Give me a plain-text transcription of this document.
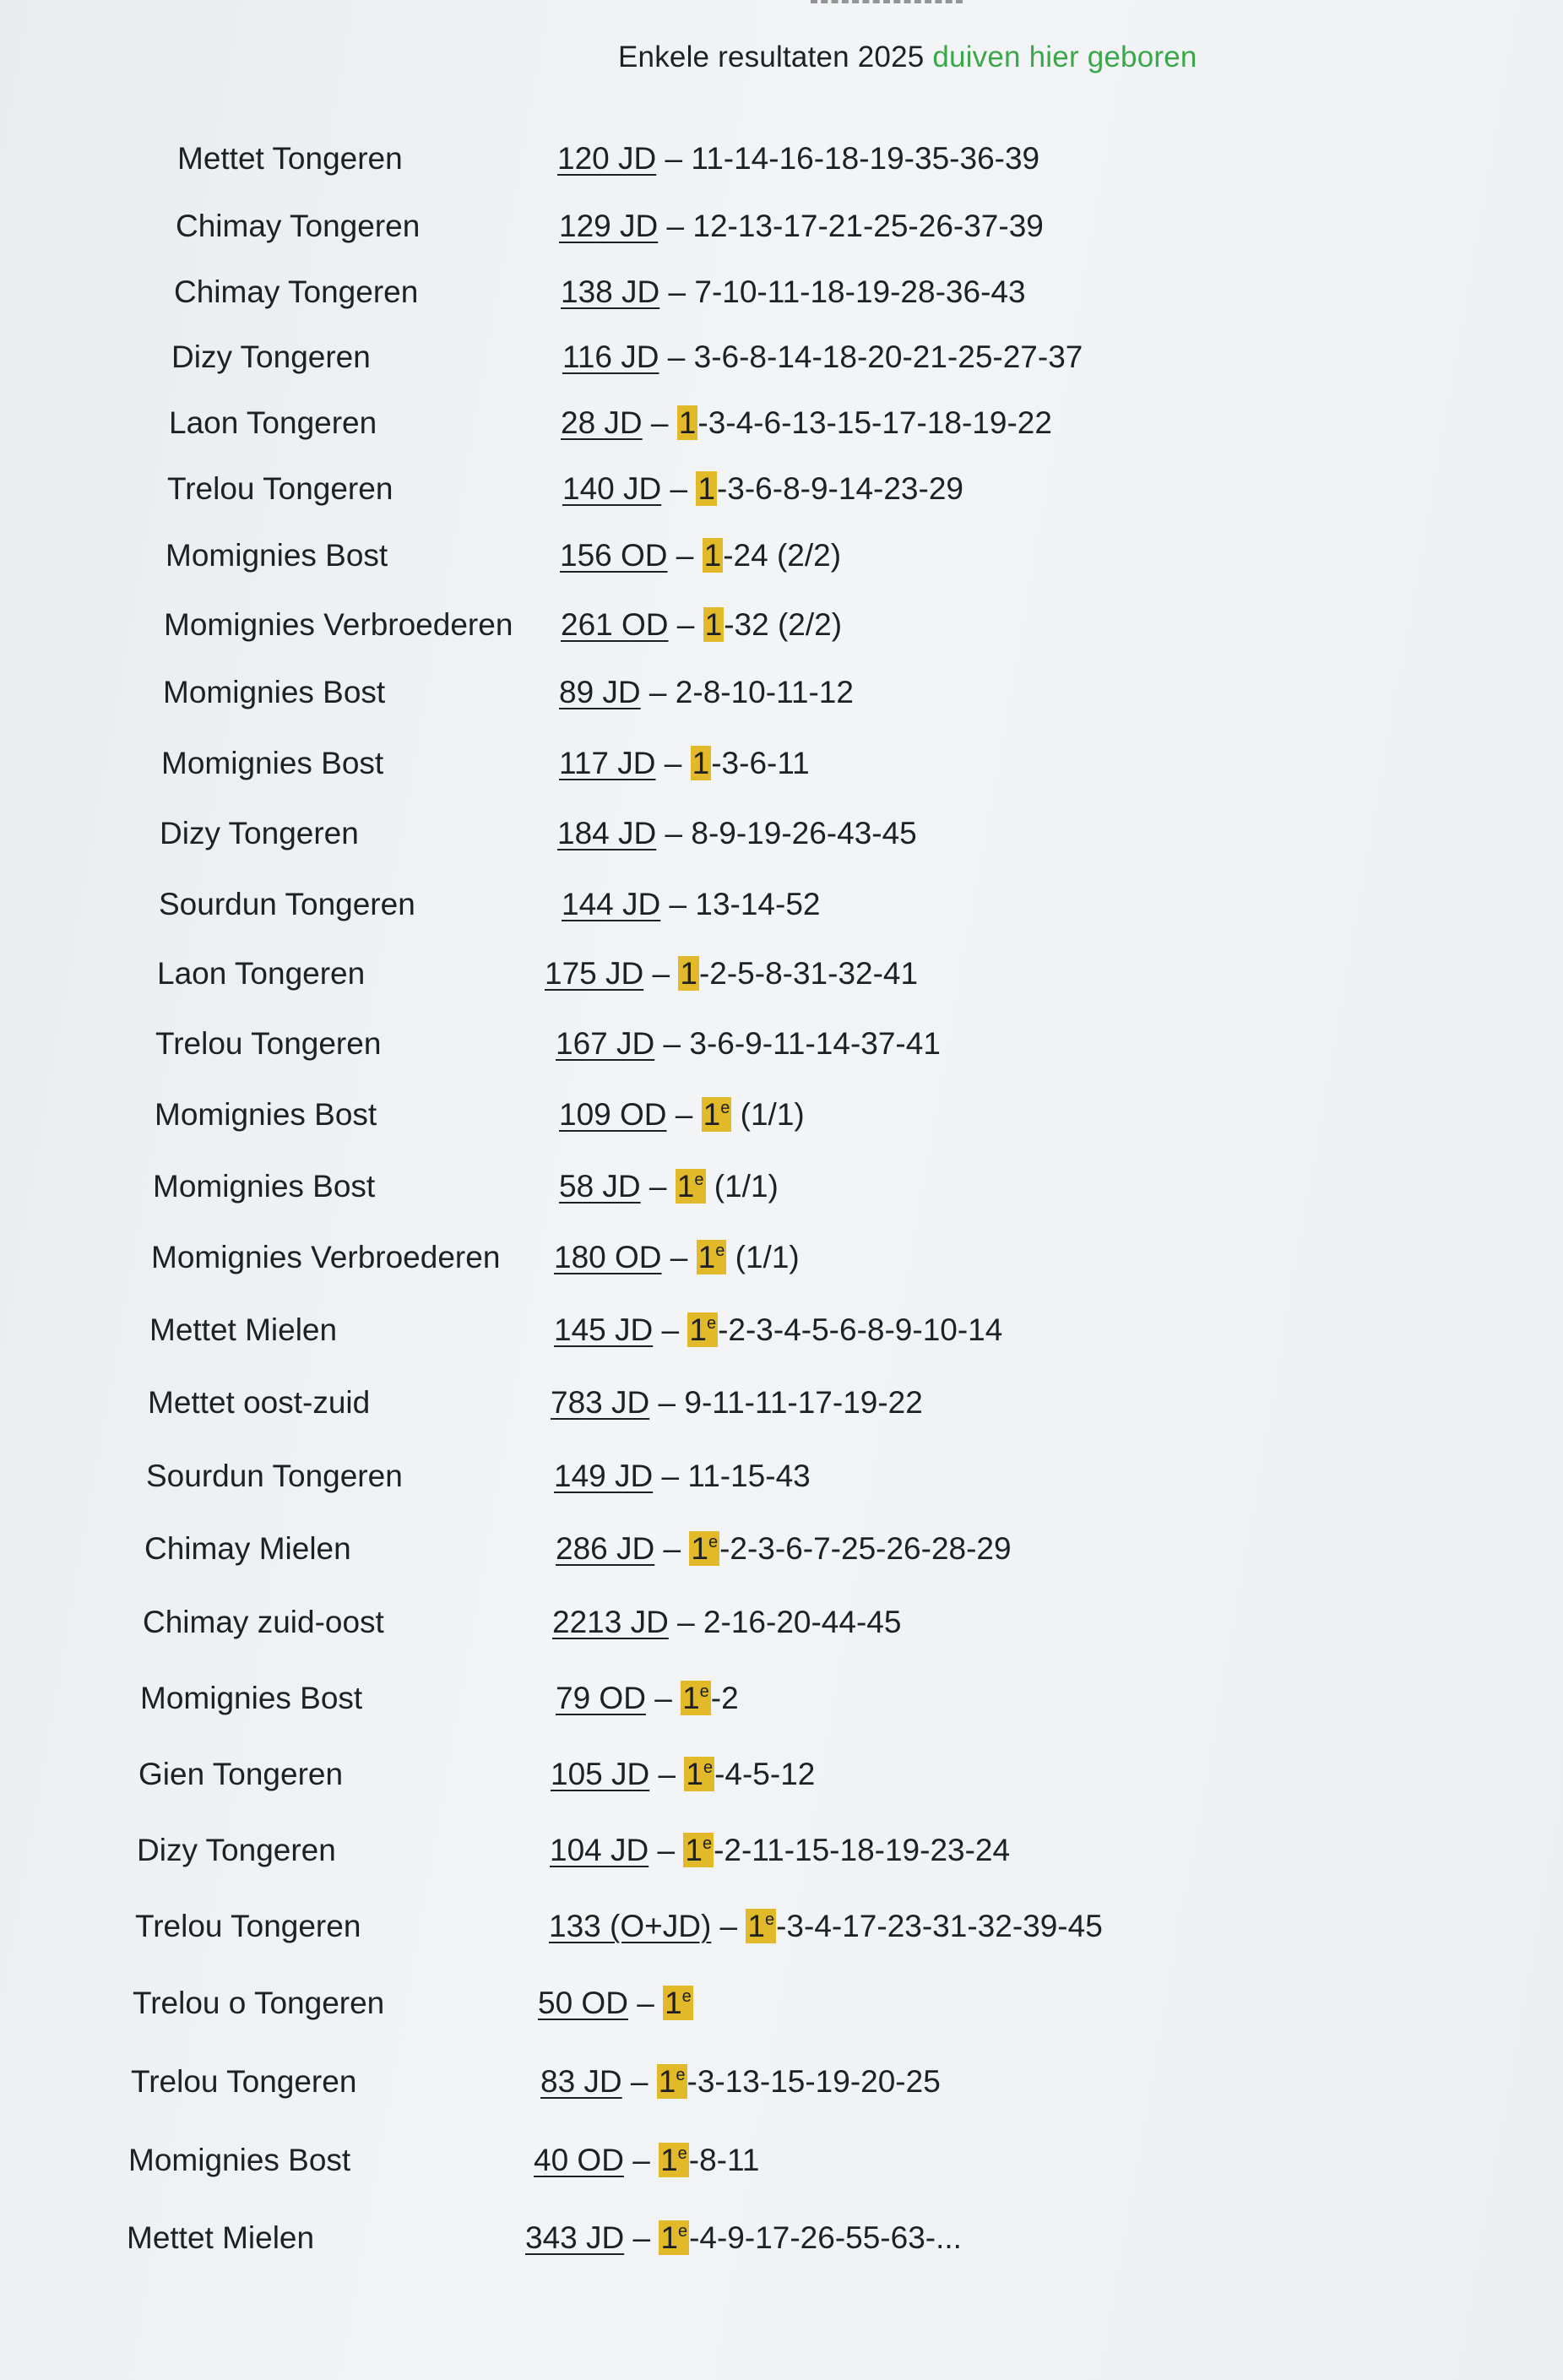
Enkele resultaten 2025 duiven hier geboren
Mettet Tongeren	120 JD – 11-14-16-18-19-35-36-39
Chimay Tongeren	129 JD – 12-13-17-21-25-26-37-39
Chimay Tongeren	138 JD – 7-10-11-18-19-28-36-43
Dizy Tongeren	116 JD – 3-6-8-14-18-20-21-25-27-37
Laon Tongeren	28 JD – 1-3-4-6-13-15-17-18-19-22
Trelou Tongeren	140 JD – 1-3-6-8-9-14-23-29
Momignies Bost	156 OD – 1-24 (2/2)
Momignies Verbroederen 261 OD – 1-32 (2/2)
Momignies Bost	89 JD – 2-8-10-11-12
Momignies Bost	117 JD – 1-3-6-11
Dizy Tongeren	184 JD – 8-9-19-26-43-45
Sourdun Tongeren	144 JD – 13-14-52
Laon Tongeren	175 JD – 1-2-5-8-31-32-41
Trelou Tongeren	167 JD – 3-6-9-11-14-37-41
Momignies Bost	109 OD – 1e (1/1)
Momignies Bost	58 JD – 1e (1/1)
Momignies Verbroederen 180 OD – 1e (1/1)
Mettet Mielen	145 JD – 1e-2-3-4-5-6-8-9-10-14
Mettet oost-zuid	783 JD – 9-11-11-17-19-22
Sourdun Tongeren	149 JD – 11-15-43
Chimay Mielen	286 JD – 1e-2-3-6-7-25-26-28-29
Chimay zuid-oost	2213 JD – 2-16-20-44-45
Momignies Bost	79 OD – 1e-2
Gien Tongeren	105 JD – 1e-4-5-12
Dizy Tongeren	104 JD – 1e-2-11-15-18-19-23-24
Trelou Tongeren	133 (O+JD) – 1e-3-4-17-23-31-32-39-45
Trelou o Tongeren	50 OD – 1e
Trelou Tongeren	83 JD – 1e-3-13-15-19-20-25
Momignies Bost	40 OD – 1e-8-11
Mettet Mielen	343 JD – 1e-4-9-17-26-55-63-...
